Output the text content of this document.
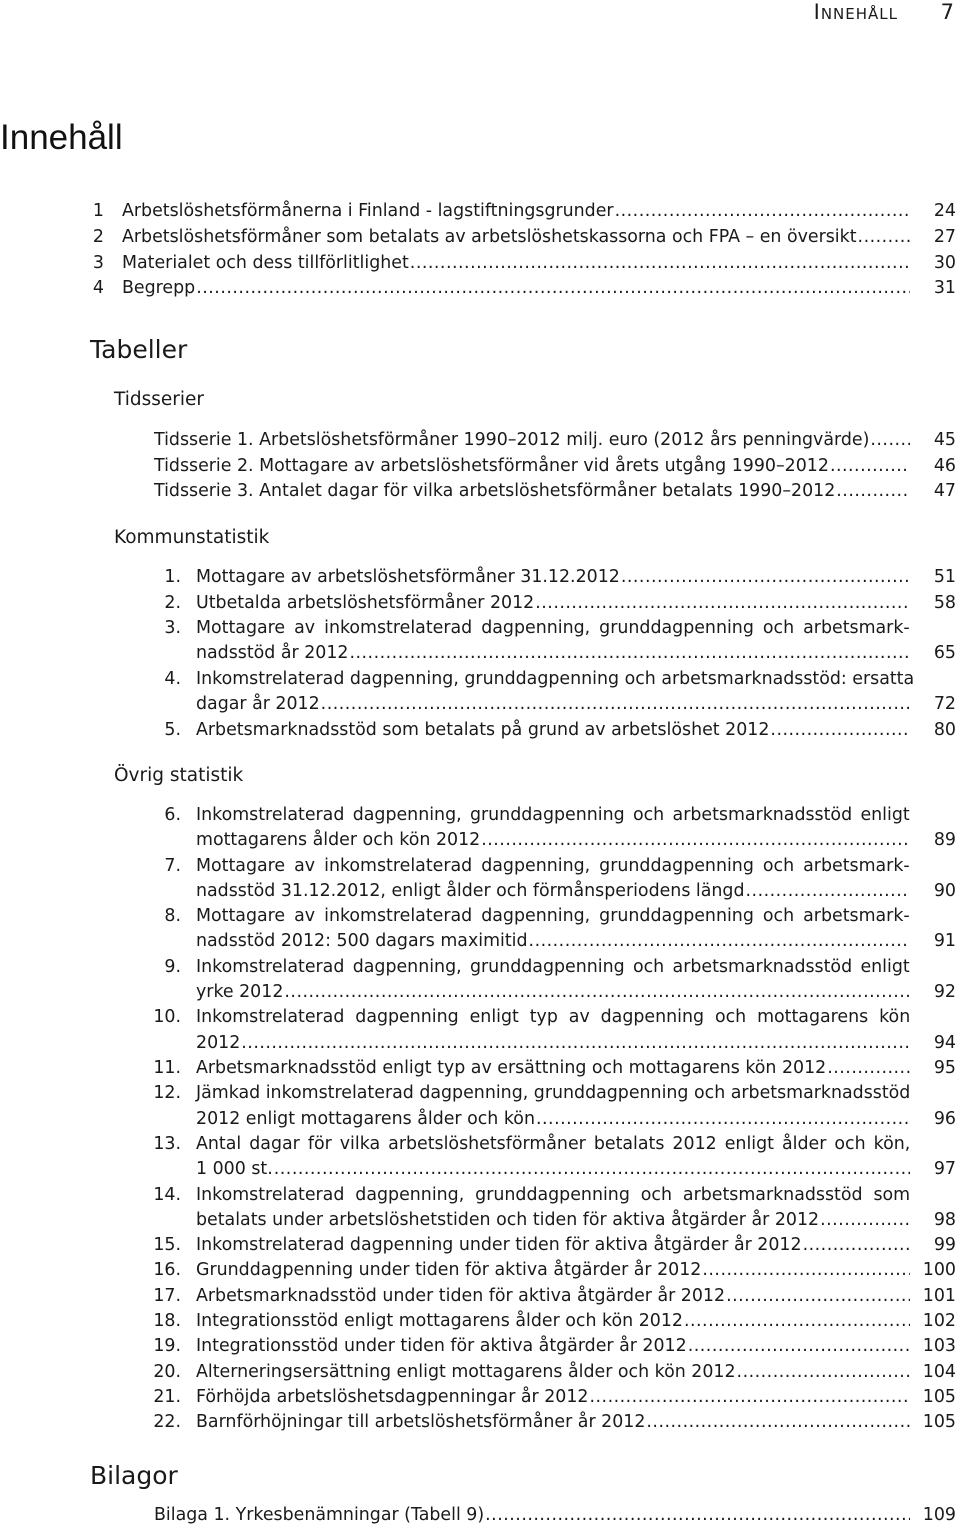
Innehåll 7
Innehåll
1 Arbetslöshetsförmånerna i Finland - lagstiftningsgrunder .....	24
2 Arbetslöshetsförmåner som betalats av arbetslöshetskassorna och FPA – en översikt .....	27
3 Materialet och dess tillförlitlighet .....	30
4 Begrepp .....	31
Tabeller
Tidsserier
Tidsserie 1. Arbetslöshetsförmåner 1990–2012 milj. euro (2012 års penningvärde) .....	45
Tidsserie 2. Mottagare av arbetslöshetsförmåner vid årets utgång 1990–2012 .....	46
Tidsserie 3. Antalet dagar för vilka arbetslöshetsförmåner betalats 1990–2012 .....	47
Kommunstatistik
1. Mottagare av arbetslöshetsförmåner 31.12.2012 .....	51
2. Utbetalda arbetslöshetsförmåner 2012 .....	58
3. Mottagare av inkomstrelaterad dagpenning, grunddagpenning och arbetsmark-
nadsstöd år 2012 .....	65
4. Inkomstrelaterad dagpenning, grunddagpenning och arbetsmarknadsstöd: ersatta
dagar år 2012 .....	72
5. Arbetsmarknadsstöd som betalats på grund av arbetslöshet 2012 .....	80
Övrig statistik
6. Inkomstrelaterad dagpenning, grunddagpenning och arbetsmarknadsstöd enligt
mottagarens ålder och kön 2012 .....	89
7. Mottagare av inkomstrelaterad dagpenning, grunddagpenning och arbetsmark-
nadsstöd 31.12.2012, enligt ålder och förmånsperiodens längd .....	90
8. Mottagare av inkomstrelaterad dagpenning, grunddagpenning och arbetsmark-
nadsstöd 2012: 500 dagars maximitid .....	91
9. Inkomstrelaterad dagpenning, grunddagpenning och arbetsmarknadsstöd enligt
yrke 2012 .....	92
10. Inkomstrelaterad dagpenning enligt typ av dagpenning och mottagarens kön
2012 .....	94
11. Arbetsmarknadsstöd enligt typ av ersättning och mottagarens kön 2012 .....	95
12. Jämkad inkomstrelaterad dagpenning, grunddagpenning och arbetsmarknadsstöd
2012 enligt mottagarens ålder och kön .....	96
13. Antal dagar för vilka arbetslöshetsförmåner betalats 2012 enligt ålder och kön,
1 000 st. .....	97
14. Inkomstrelaterad dagpenning, grunddagpenning och arbetsmarknadsstöd som
betalats under arbetslöshetstiden och tiden för aktiva åtgärder år 2012 .....	98
15. Inkomstrelaterad dagpenning under tiden för aktiva åtgärder år 2012 .....	99
16. Grunddagpenning under tiden för aktiva åtgärder år 2012 .....	100
17. Arbetsmarknadsstöd under tiden för aktiva åtgärder år 2012 .....	101
18. Integrationsstöd enligt mottagarens ålder och kön 2012 .....	102
19. Integrationsstöd under tiden för aktiva åtgärder år 2012 .....	103
20. Alterneringsersättning enligt mottagarens ålder och kön 2012 .....	104
21. Förhöjda arbetslöshetsdagpenningar år 2012 .....	105
22. Barnförhöjningar till arbetslöshetsförmåner år 2012 .....	105
Bilagor
Bilaga 1. Yrkesbenämningar (Tabell 9) .....	109
